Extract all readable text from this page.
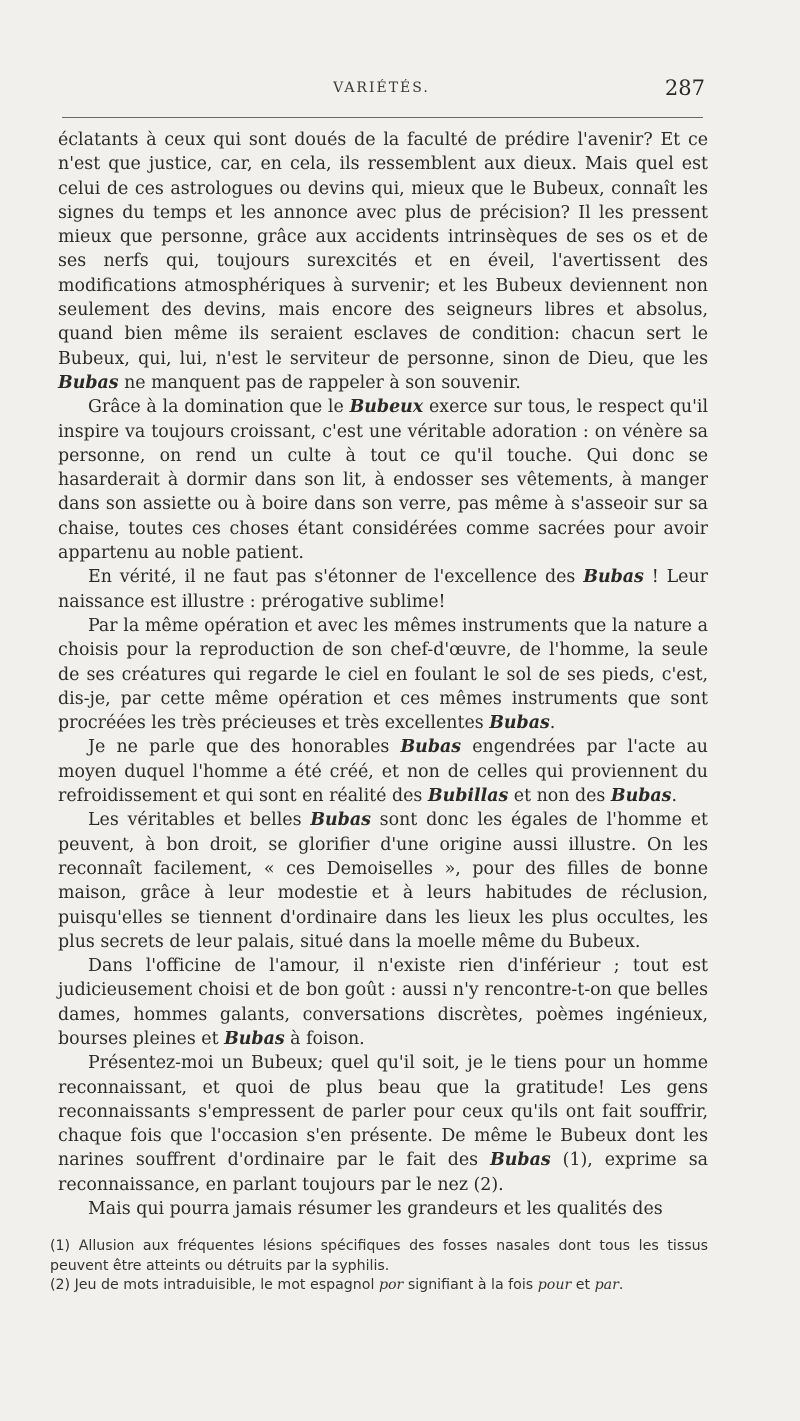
VARIÉTÉS.	287

éclatants à ceux qui sont doués de la faculté de prédire l'avenir? Et ce n'est que justice, car, en cela, ils ressemblent aux dieux. Mais quel est celui de ces astrologues ou devins qui, mieux que le Bubeux, connaît les signes du temps et les annonce avec plus de précision? Il les pressent mieux que personne, grâce aux accidents intrinsèques de ses os et de ses nerfs qui, toujours surexcités et en éveil, l'avertissent des modifications atmosphériques à survenir; et les Bubeux deviennent non seulement des devins, mais encore des seigneurs libres et absolus, quand bien même ils seraient esclaves de condition: chacun sert le Bubeux, qui, lui, n'est le serviteur de personne, sinon de Dieu, que les Bubas ne manquent pas de rappeler à son souvenir.

Grâce à la domination que le Bubeux exerce sur tous, le respect qu'il inspire va toujours croissant, c'est une véritable adoration : on vénère sa personne, on rend un culte à tout ce qu'il touche. Qui donc se hasarderait à dormir dans son lit, à endosser ses vêtements, à manger dans son assiette ou à boire dans son verre, pas même à s'asseoir sur sa chaise, toutes ces choses étant considérées comme sacrées pour avoir appartenu au noble patient.

En vérité, il ne faut pas s'étonner de l'excellence des Bubas ! Leur naissance est illustre : prérogative sublime!

Par la même opération et avec les mêmes instruments que la nature a choisis pour la reproduction de son chef-d'œuvre, de l'homme, la seule de ses créatures qui regarde le ciel en foulant le sol de ses pieds, c'est, dis-je, par cette même opération et ces mêmes instruments que sont procréées les très précieuses et très excellentes Bubas.

Je ne parle que des honorables Bubas engendrées par l'acte au moyen duquel l'homme a été créé, et non de celles qui proviennent du refroidissement et qui sont en réalité des Bubillas et non des Bubas.

Les véritables et belles Bubas sont donc les égales de l'homme et peuvent, à bon droit, se glorifier d'une origine aussi illustre. On les reconnaît facilement, « ces Demoiselles », pour des filles de bonne maison, grâce à leur modestie et à leurs habitudes de réclusion, puisqu'elles se tiennent d'ordinaire dans les lieux les plus occultes, les plus secrets de leur palais, situé dans la moelle même du Bubeux.

Dans l'officine de l'amour, il n'existe rien d'inférieur ; tout est judicieusement choisi et de bon goût : aussi n'y rencontre-t-on que belles dames, hommes galants, conversations discrètes, poèmes ingénieux, bourses pleines et Bubas à foison.

Présentez-moi un Bubeux; quel qu'il soit, je le tiens pour un homme reconnaissant, et quoi de plus beau que la gratitude! Les gens reconnaissants s'empressent de parler pour ceux qu'ils ont fait souffrir, chaque fois que l'occasion s'en présente. De même le Bubeux dont les narines souffrent d'ordinaire par le fait des Bubas (1), exprime sa reconnaissance, en parlant toujours par le nez (2).

Mais qui pourra jamais résumer les grandeurs et les qualités des

(1) Allusion aux fréquentes lésions spécifiques des fosses nasales dont tous les tissus peuvent être atteints ou détruits par la syphilis.

(2) Jeu de mots intraduisible, le mot espagnol por signifiant à la fois pour et par.
